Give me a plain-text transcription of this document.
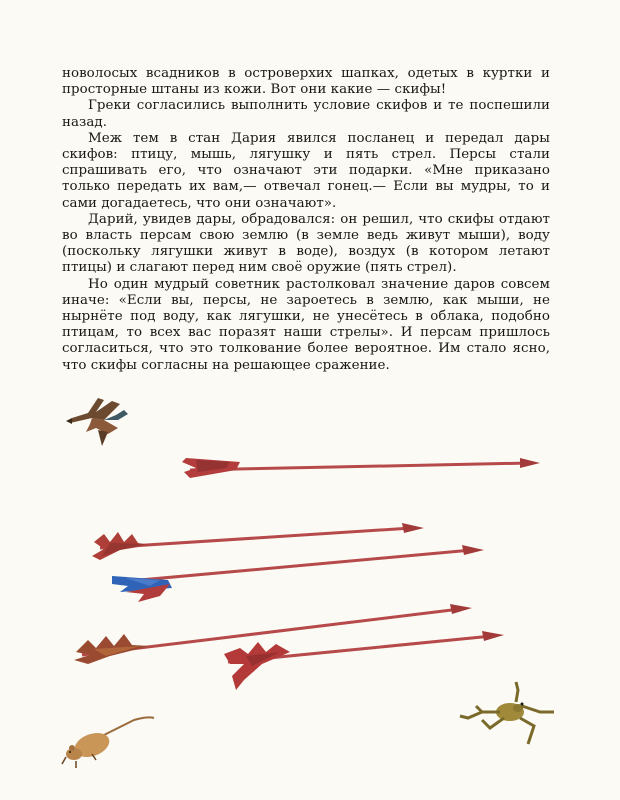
новолосых всадников в островерхих шапках, одетых в куртки и просторные штаны из кожи. Вот они какие — скифы!

Греки согласились выполнить условие скифов и те поспешили назад.

Меж тем в стан Дария явился посланец и передал дары скифов: птицу, мышь, лягушку и пять стрел. Персы стали спрашивать его, что означают эти подарки. «Мне приказано только передать их вам,— отвечал гонец.— Если вы мудры, то и сами догадаетесь, что они означают».

Дарий, увидев дары, обрадовался: он решил, что скифы отдают во власть персам свою землю (в земле ведь живут мыши), воду (поскольку лягушки живут в воде), воздух (в котором летают птицы) и слагают перед ним своё оружие (пять стрел).

Но один мудрый советник растолковал значение даров совсем иначе: «Если вы, персы, не зароетесь в землю, как мыши, не нырнёте под воду, как лягушки, не унесётесь в облака, подобно птицам, то всех вас поразят наши стрелы». И персам пришлось согласиться, что это толкование более вероятное. Им стало ясно, что скифы согласны на решающее сражение.
